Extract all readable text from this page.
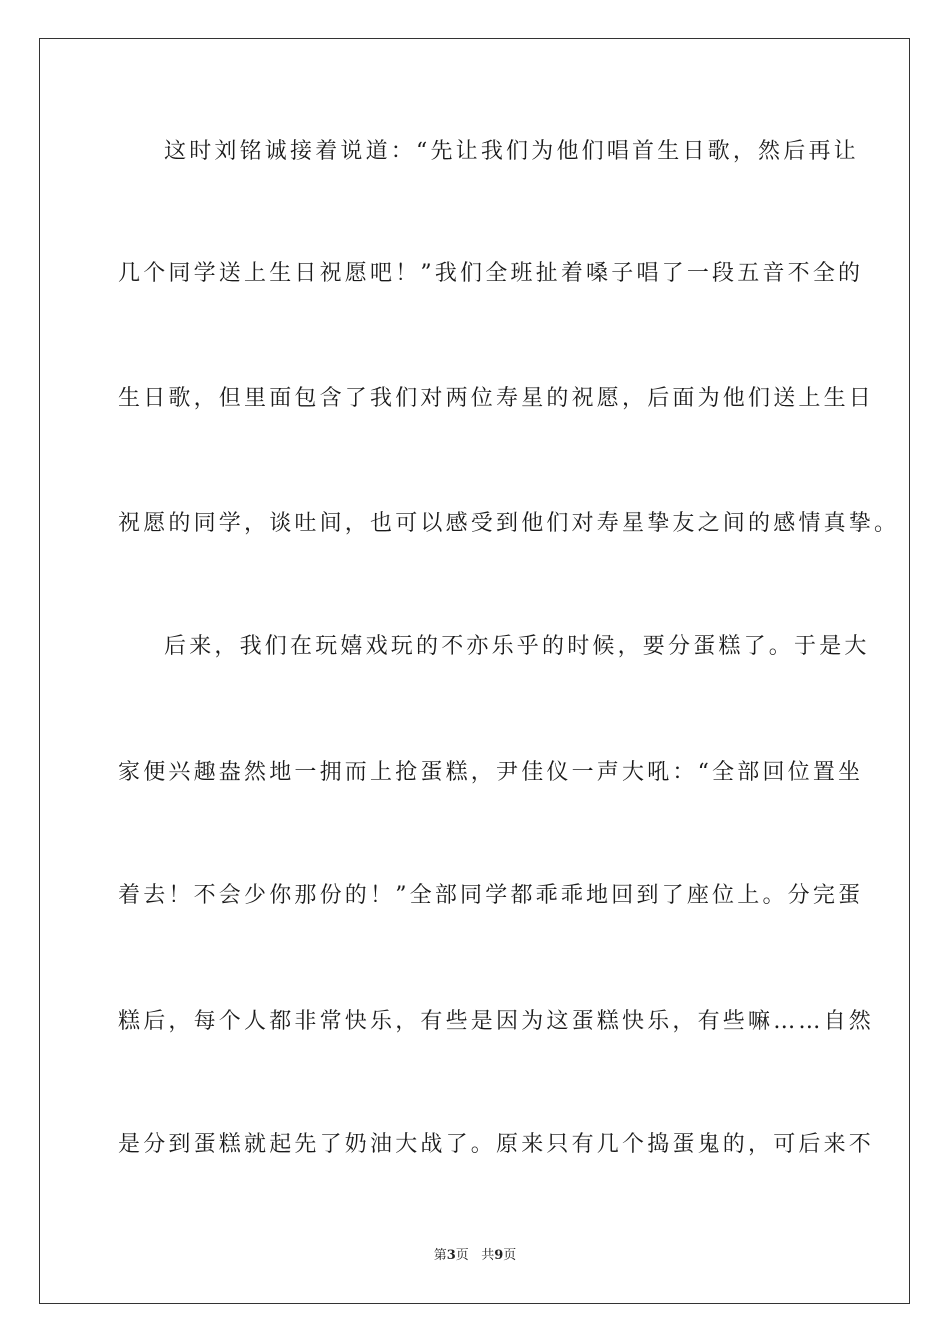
这时刘铭诚接着说道：“先让我们为他们唱首生日歌，然后再让
几个同学送上生日祝愿吧！”我们全班扯着嗓子唱了一段五音不全的
生日歌，但里面包含了我们对两位寿星的祝愿，后面为他们送上生日
祝愿的同学，谈吐间，也可以感受到他们对寿星挚友之间的感情真挚。
后来，我们在玩嬉戏玩的不亦乐乎的时候，要分蛋糕了。于是大
家便兴趣盎然地一拥而上抢蛋糕，尹佳仪一声大吼：“全部回位置坐
着去！不会少你那份的！”全部同学都乖乖地回到了座位上。分完蛋
糕后，每个人都非常快乐，有些是因为这蛋糕快乐，有些嘛……自然
是分到蛋糕就起先了奶油大战了。原来只有几个捣蛋鬼的，可后来不
第3页 共9页
